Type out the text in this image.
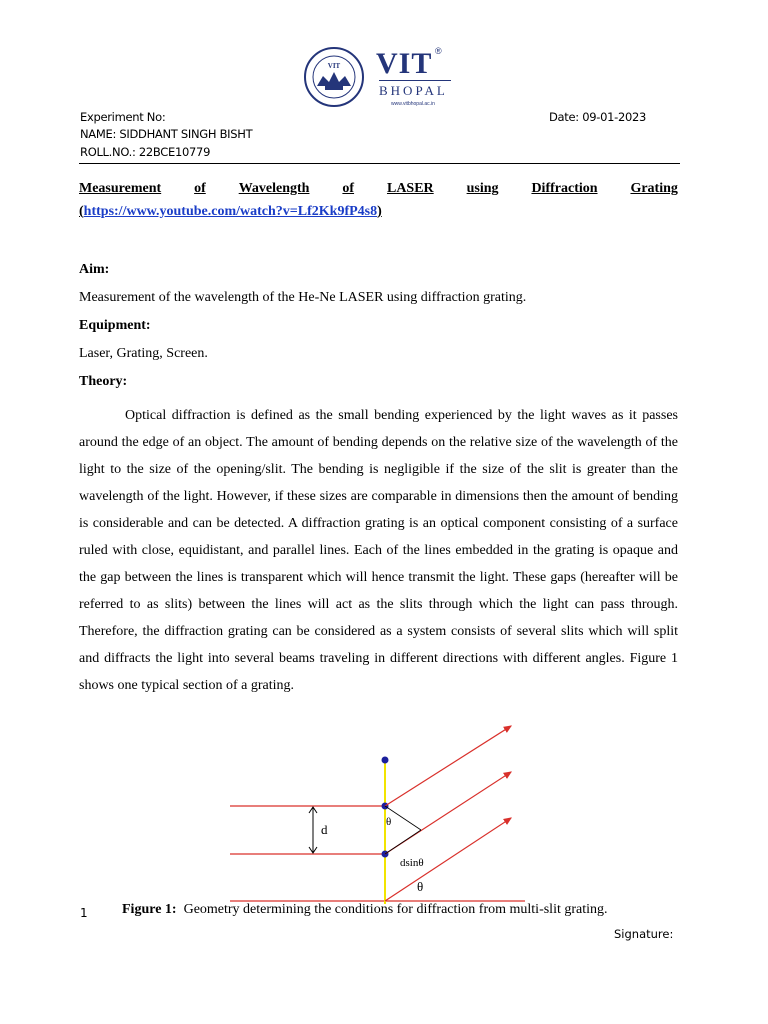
VIT VIT ®
BHOPAL
www.vitbhopal.ac.in
Experiment No:	Date: 09-01-2023
NAME: SIDDHANT SINGH BISHT
ROLL.NO.: 22BCE10779
Measurement of Wavelength of LASER using Diffraction Grating
(https://www.youtube.com/watch?v=Lf2Kk9fP4s8)
Aim:
Measurement of the wavelength of the He-Ne LASER using diffraction grating.
Equipment:
Laser, Grating, Screen.
Theory:

Optical diffraction is defined as the small bending experienced by the light waves as it passes around the edge of an object. The amount of bending depends on the relative size of the wavelength of the light to the size of the opening/slit. The bending is negligible if the size of the slit is greater than the wavelength of the light. However, if these sizes are comparable in dimensions then the amount of bending is considerable and can be detected. A diffraction grating is an optical component consisting of a surface ruled with close, equidistant, and parallel lines. Each of the lines embedded in the grating is opaque and the gap between the lines is transparent which will hence transmit the light. These gaps (hereafter will be referred to as slits) between the lines will act as the slits through which the light can pass through. Therefore, the diffraction grating can be considered as a system consists of several slits which will split and diffracts the light into several beams traveling in different directions with different angles. Figure 1 shows one typical section of a grating.

d	θ
dsinθ
θ
Figure 1: Geometry determining the conditions for diffraction from multi-slit grating.
1
Signature:
